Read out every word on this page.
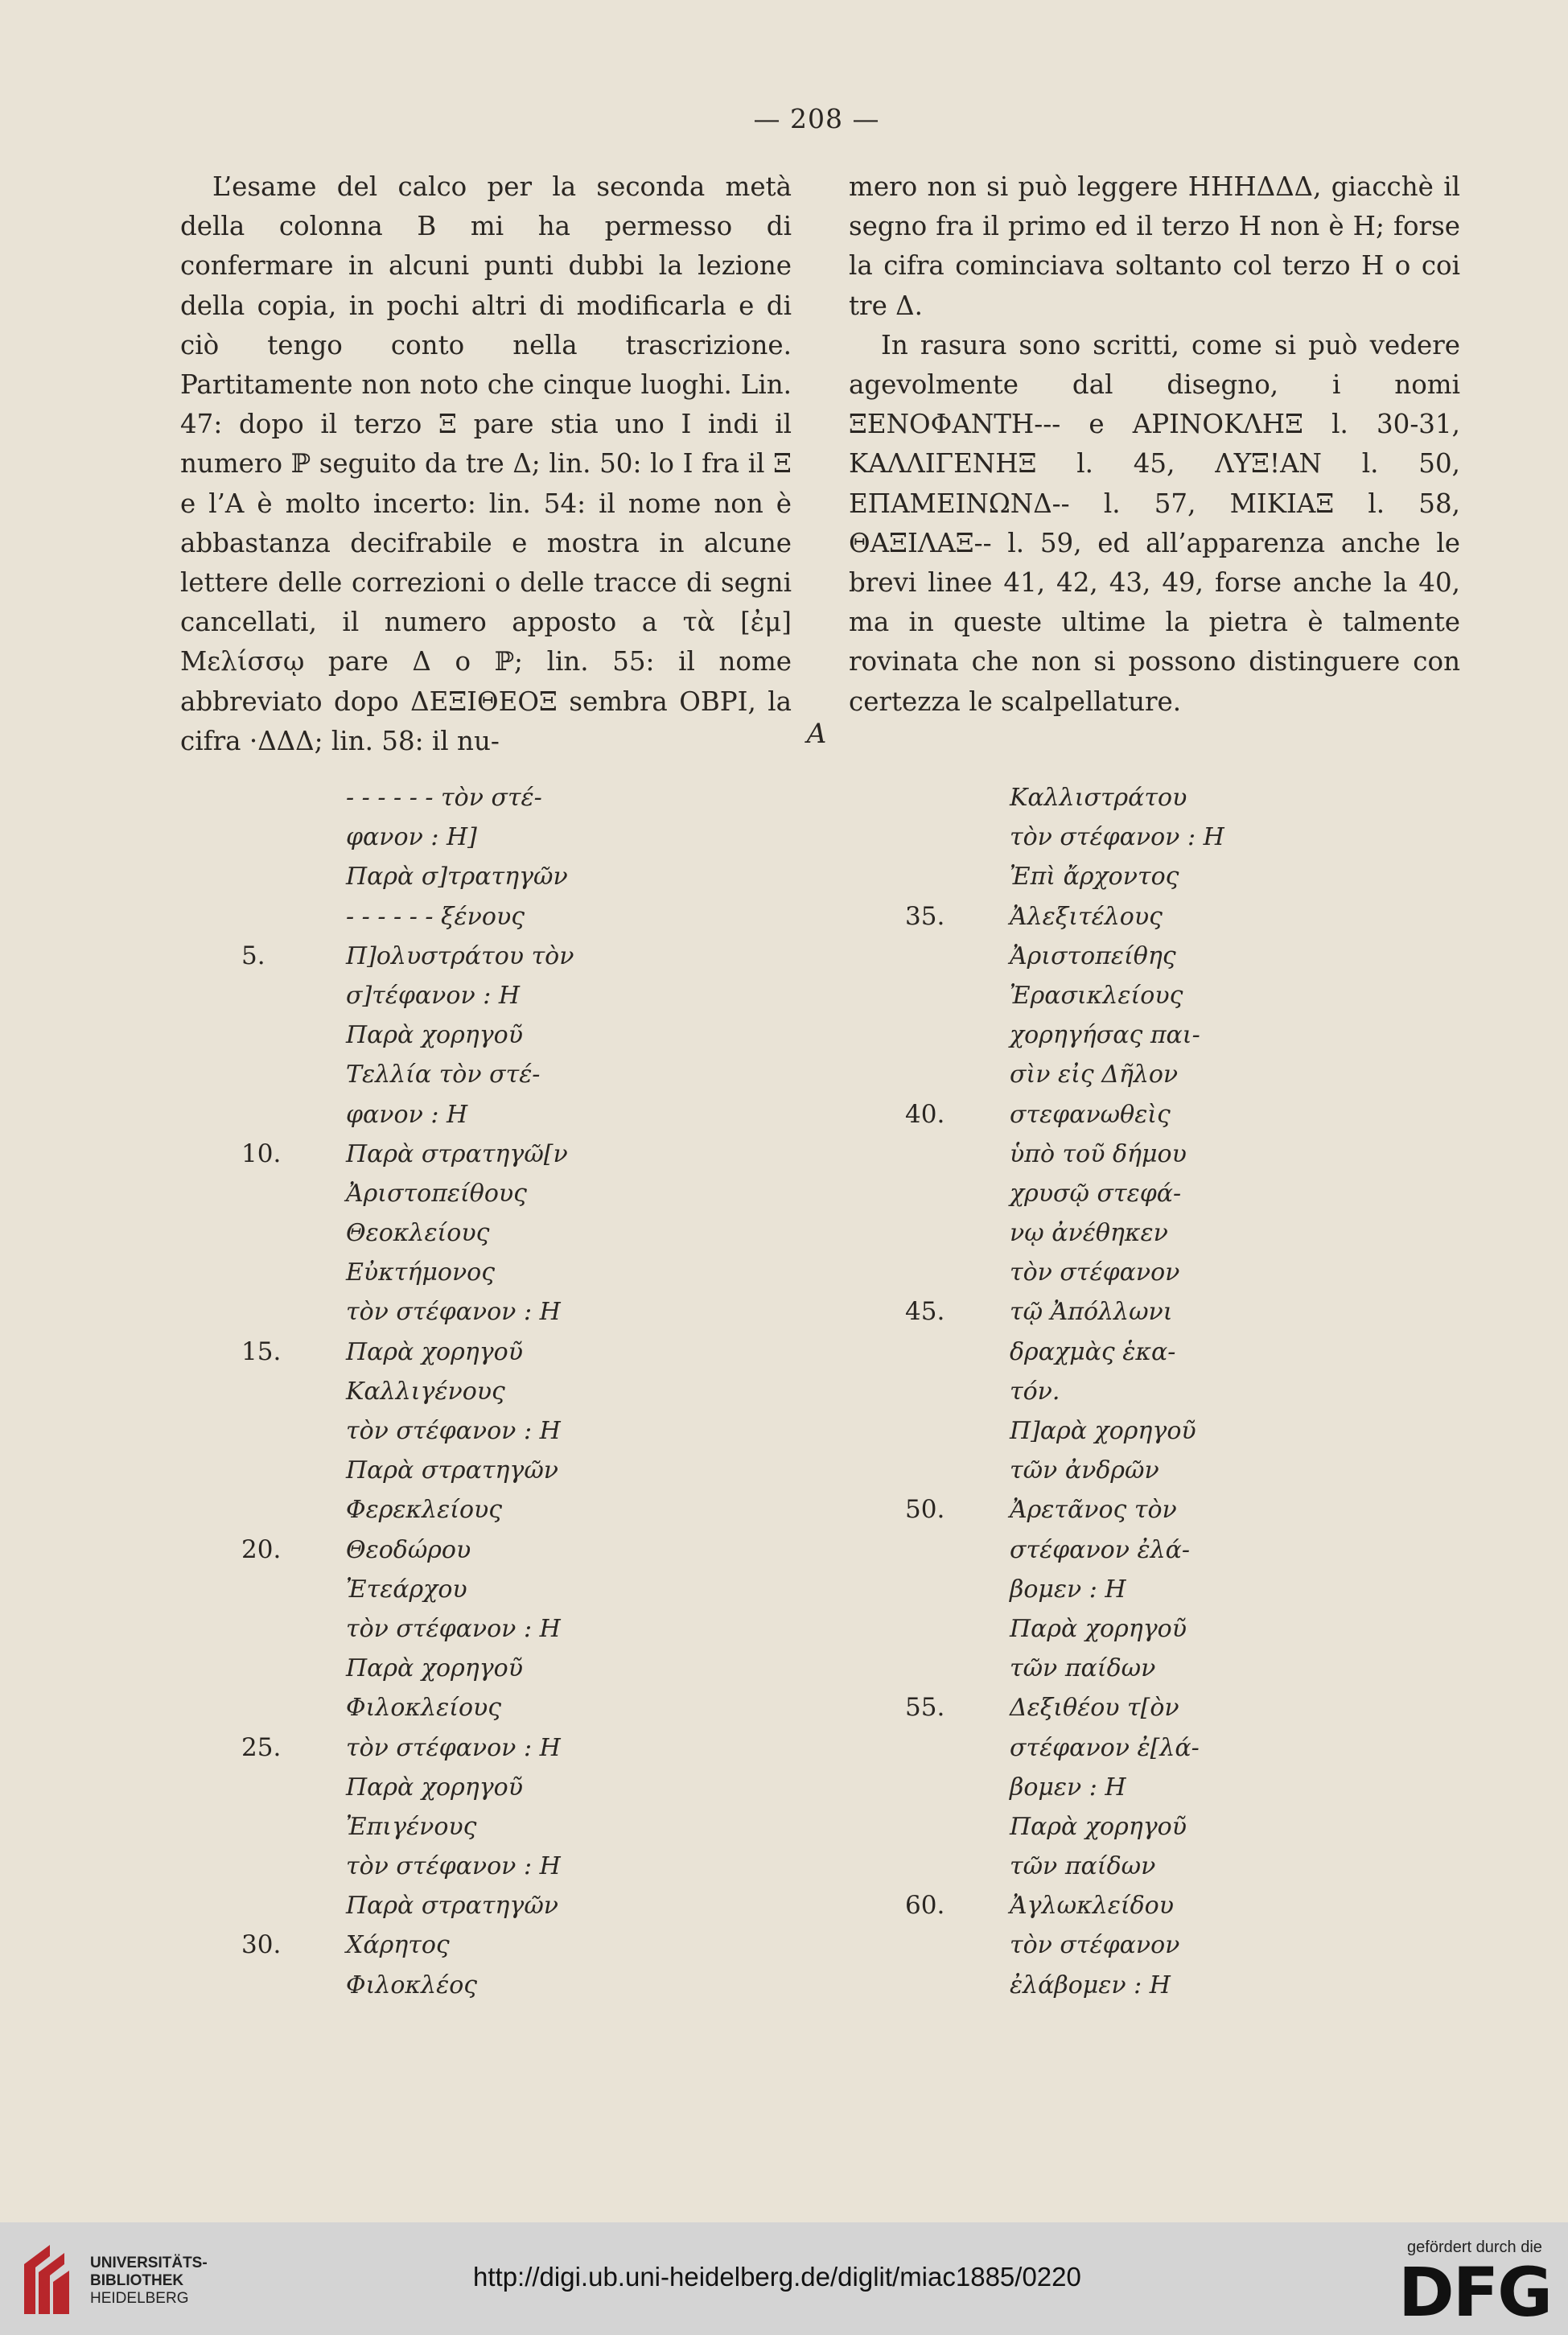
— 208 —

L’esame del calco per la seconda metà della colonna B mi ha permesso di confermare in alcuni punti dubbi la lezione della copia, in pochi altri di modificarla e di ciò tengo conto nella trascrizione. Partitamente non noto che cinque luoghi. Lin. 47: dopo il terzo Ξ pare stia uno I indi il numero ℙ seguito da tre Δ; lin. 50: lo I fra il Ξ e l’A è molto incerto: lin. 54: il nome non è abbastanza decifrabile e mostra in alcune lettere delle correzioni o delle tracce di segni cancellati, il numero apposto a τὰ [ἐμ] Μελίσσῳ pare Δ o ℙ; lin. 55: il nome abbreviato dopo ΔΕΞΙΘΕΟΞ sembra ΟΒΡΙ, la cifra ·ΔΔΔ; lin. 58: il nu-

mero non si può leggere ΗΗΗΔΔΔ, giacchè il segno fra il primo ed il terzo Η non è Η; forse la cifra cominciava soltanto col terzo Η o coi tre Δ.

In rasura sono scritti, come si può vedere agevolmente dal disegno, i nomi ΞΕΝΟΦΑΝΤΗ--- e ΑΡΙΝΟΚΛΗΞ l. 30-31, ΚΑΛΛΙΓΕΝΗΞ l. 45, ΛΥΞ!ΑΝ l. 50, ΕΠΑΜΕΙΝΩΝΔ-- l. 57, ΜΙΚΙΑΞ l. 58, ΘΑΞΙΛΑΞ-- l. 59, ed all’apparenza anche le brevi linee 41, 42, 43, 49, forse anche la 40, ma in queste ultime la pietra è talmente rovinata che non si possono distinguere con certezza le scalpellature.

A
- - - - - - τὸν στέ-
φανον : Η]
Παρὰ σ]τρατηγῶν
- - - - - - ξένους
5.	Π]ολυστράτου τὸν
σ]τέφανον : Η
Παρὰ χορηγοῦ
Τελλία τὸν στέ-
φανον : Η
10.	Παρὰ στρατηγῶ[ν
Ἀριστοπείθους
Θεοκλείους
Εὐκτήμονος
τὸν στέφανον : Η
15.	Παρὰ χορηγοῦ
Καλλιγένους
τὸν στέφανον : Η
Παρὰ στρατηγῶν
Φερεκλείους
20.	Θεοδώρου
Ἐτεάρχου
τὸν στέφανον : Η
Παρὰ χορηγοῦ
Φιλοκλείους
25.	τὸν στέφανον : Η
Παρὰ χορηγοῦ
Ἐπιγένους
τὸν στέφανον : Η
Παρὰ στρατηγῶν
30.	Χάρητος
Φιλοκλέος
Καλλιστράτου
τὸν στέφανον : Η
Ἐπὶ ἄρχοντος
35.	Ἀλεξιτέλους
Ἀριστοπείθης
Ἐρασικλείους
χορηγήσας παι-
σὶν εἰς Δῆλον
40.	στεφανωθεὶς
ὑπὸ τοῦ δήμου
χρυσῷ στεφά-
νῳ ἀνέθηκεν
τὸν στέφανον
45.	τῷ Ἀπόλλωνι
δραχμὰς ἑκα-
τόν.
Π]αρὰ χορηγοῦ
τῶν ἀνδρῶν
50.	Ἀρετᾶνος τὸν
στέφανον ἐλά-
βομεν : Η
Παρὰ χορηγοῦ
τῶν παίδων
55.	Δεξιθέου τ[ὸν
στέφανον ἐ[λά-
βομεν : Η
Παρὰ χορηγοῦ
τῶν παίδων
60.	Ἀγλωκλείδου
τὸν στέφανον
ἐλάβομεν : Η
UNIVERSITÄTS-
BIBLIOTHEK
HEIDELBERG
http://digi.ub.uni-heidelberg.de/diglit/miac1885/0220
gefördert durch die
DFG
